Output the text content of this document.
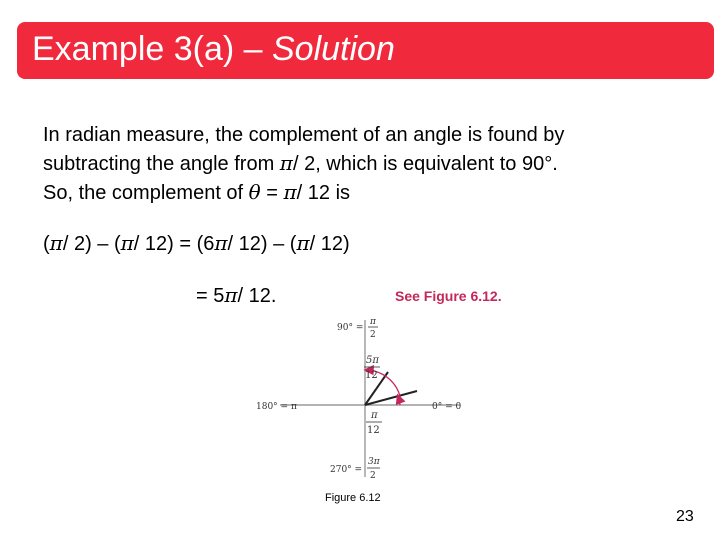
Example 3(a) – Solution
In radian measure, the complement of an angle is found by
subtracting the angle from π/ 2, which is equivalent to 90°.
So, the complement of θ = π/ 12 is
(π/ 2) – (π/ 12) = (6π/ 12) – (π/ 12)
= 5π/ 12.	See Figure 6.12.
90° =
π
2
5π
12
180° = π	0° = 0
π
12
270° =
3π
2
Figure 6.12
23
